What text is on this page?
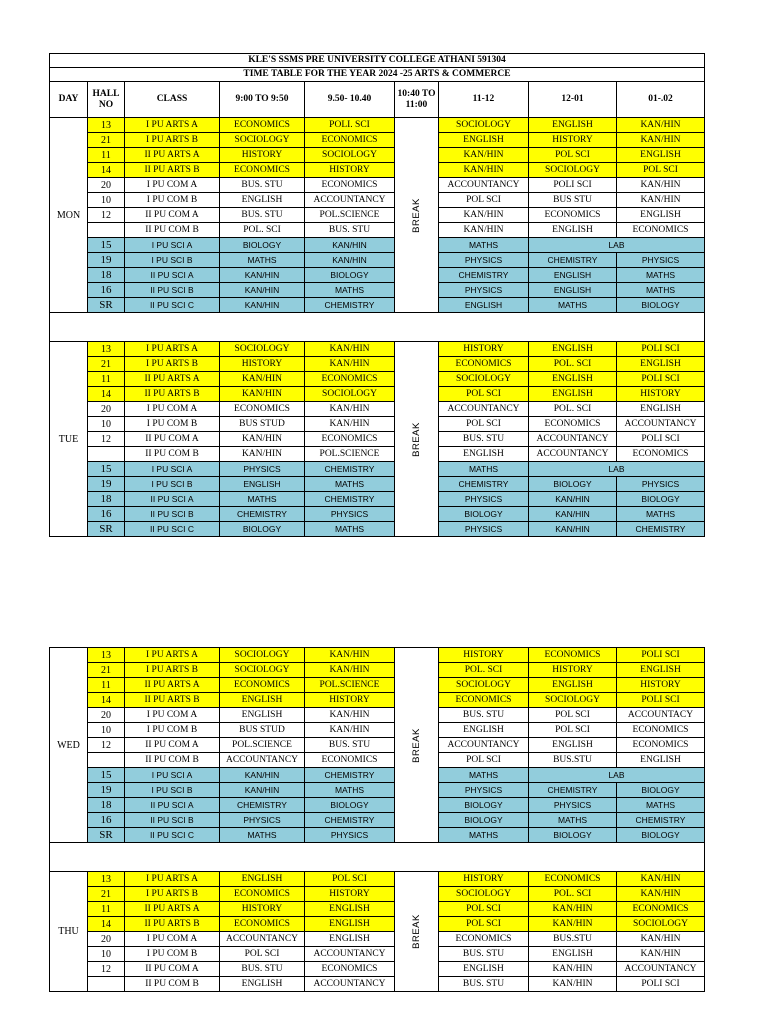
KLE'S SSMS PRE UNIVERSITY COLLEGE ATHANI 591304								
TIME TABLE FOR THE YEAR 2024 -25 ARTS & COMMERCE								
DAY	HALL NO	CLASS	9:00 TO 9:50	9.50- 10.40	10:40 TO 11:00	11-12	12-01	01-.02
MON	13	I PU ARTS A	ECONOMICS	POLI. SCI	BREAK	SOCIOLOGY	ENGLISH	KAN/HIN
	21	I PU ARTS B	SOCIOLOGY	ECONOMICS		ENGLISH	HISTORY	KAN/HIN
	11	II PU ARTS A	HISTORY	SOCIOLOGY		KAN/HIN	POL SCI	ENGLISH
	14	II PU ARTS B	ECONOMICS	HISTORY		KAN/HIN	SOCIOLOGY	POL SCI
	20	I PU COM A	BUS. STU	ECONOMICS		ACCOUNTANCY	POLI SCI	KAN/HIN
	10	I PU COM B	ENGLISH	ACCOUNTANCY		POL SCI	BUS STU	KAN/HIN
	12	II PU COM A	BUS. STU	POL.SCIENCE		KAN/HIN	ECONOMICS	ENGLISH
		II PU COM B	POL. SCI	BUS. STU		KAN/HIN	ENGLISH	ECONOMICS
	15	I PU SCI A	BIOLOGY	KAN/HIN		MATHS	LAB	
	19	I PU SCI B	MATHS	KAN/HIN		PHYSICS	CHEMISTRY	PHYSICS
	18	II PU SCI A	KAN/HIN	BIOLOGY		CHEMISTRY	ENGLISH	MATHS
	16	II PU SCI B	KAN/HIN	MATHS		PHYSICS	ENGLISH	MATHS
	SR	II PU SCI C	KAN/HIN	CHEMISTRY		ENGLISH	MATHS	BIOLOGY

TUE	13	I PU ARTS A	SOCIOLOGY	KAN/HIN	BREAK	HISTORY	ENGLISH	POLI SCI
	21	I PU ARTS B	HISTORY	KAN/HIN		ECONOMICS	POL. SCI	ENGLISH
	11	II PU ARTS A	KAN/HIN	ECONOMICS		SOCIOLOGY	ENGLISH	POLI SCI
	14	II PU ARTS B	KAN/HIN	SOCIOLOGY		POL SCI	ENGLISH	HISTORY
	20	I PU COM A	ECONOMICS	KAN/HIN		ACCOUNTANCY	POL. SCI	ENGLISH
	10	I PU COM B	BUS STUD	KAN/HIN		POL SCI	ECONOMICS	ACCOUNTANCY
	12	II PU COM A	KAN/HIN	ECONOMICS		BUS. STU	ACCOUNTANCY	POLI SCI
		II PU COM B	KAN/HIN	POL.SCIENCE		ENGLISH	ACCOUNTANCY	ECONOMICS
	15	I PU SCI A	PHYSICS	CHEMISTRY		MATHS	LAB	
	19	I PU SCI B	ENGLISH	MATHS		CHEMISTRY	BIOLOGY	PHYSICS
	18	II PU SCI A	MATHS	CHEMISTRY		PHYSICS	KAN/HIN	BIOLOGY
	16	II PU SCI B	CHEMISTRY	PHYSICS		BIOLOGY	KAN/HIN	MATHS
	SR	II PU SCI C	BIOLOGY	MATHS		PHYSICS	KAN/HIN	CHEMISTRY
WED	13	I PU ARTS A	SOCIOLOGY	KAN/HIN	BREAK	HISTORY	ECONOMICS	POLI SCI
	21	I PU ARTS B	SOCIOLOGY	KAN/HIN		POL. SCI	HISTORY	ENGLISH
	11	II PU ARTS A	ECONOMICS	POL.SCIENCE		SOCIOLOGY	ENGLISH	HISTORY
	14	II PU ARTS B	ENGLISH	HISTORY		ECONOMICS	SOCIOLOGY	POLI SCI
	20	I PU COM A	ENGLISH	KAN/HIN		BUS. STU	POL SCI	ACCOUNTACY
	10	I PU COM B	BUS STUD	KAN/HIN		ENGLISH	POL SCI	ECONOMICS
	12	II PU COM A	POL.SCIENCE	BUS. STU		ACCOUNTANCY	ENGLISH	ECONOMICS
		II PU COM B	ACCOUNTANCY	ECONOMICS		POL SCI	BUS.STU	ENGLISH
	15	I PU SCI A	KAN/HIN	CHEMISTRY		MATHS	LAB	
	19	I PU SCI B	KAN/HIN	MATHS		PHYSICS	CHEMISTRY	BIOLOGY
	18	II PU SCI A	CHEMISTRY	BIOLOGY		BIOLOGY	PHYSICS	MATHS
	16	II PU SCI B	PHYSICS	CHEMISTRY		BIOLOGY	MATHS	CHEMISTRY
	SR	II PU SCI C	MATHS	PHYSICS		MATHS	BIOLOGY	BIOLOGY

THU	13	I PU ARTS A	ENGLISH	POL SCI	BREAK	HISTORY	ECONOMICS	KAN/HIN
	21	I PU ARTS B	ECONOMICS	HISTORY		SOCIOLOGY	POL. SCI	KAN/HIN
	11	II PU ARTS A	HISTORY	ENGLISH		POL SCI	KAN/HIN	ECONOMICS
	14	II PU ARTS B	ECONOMICS	ENGLISH		POL SCI	KAN/HIN	SOCIOLOGY
	20	I PU COM A	ACCOUNTANCY	ENGLISH		ECONOMICS	BUS.STU	KAN/HIN
	10	I PU COM B	POL SCI	ACCOUNTANCY		BUS. STU	ENGLISH	KAN/HIN
	12	II PU COM A	BUS. STU	ECONOMICS		ENGLISH	KAN/HIN	ACCOUNTANCY
		II PU COM B	ENGLISH	ACCOUNTANCY		BUS. STU	KAN/HIN	POLI SCI
